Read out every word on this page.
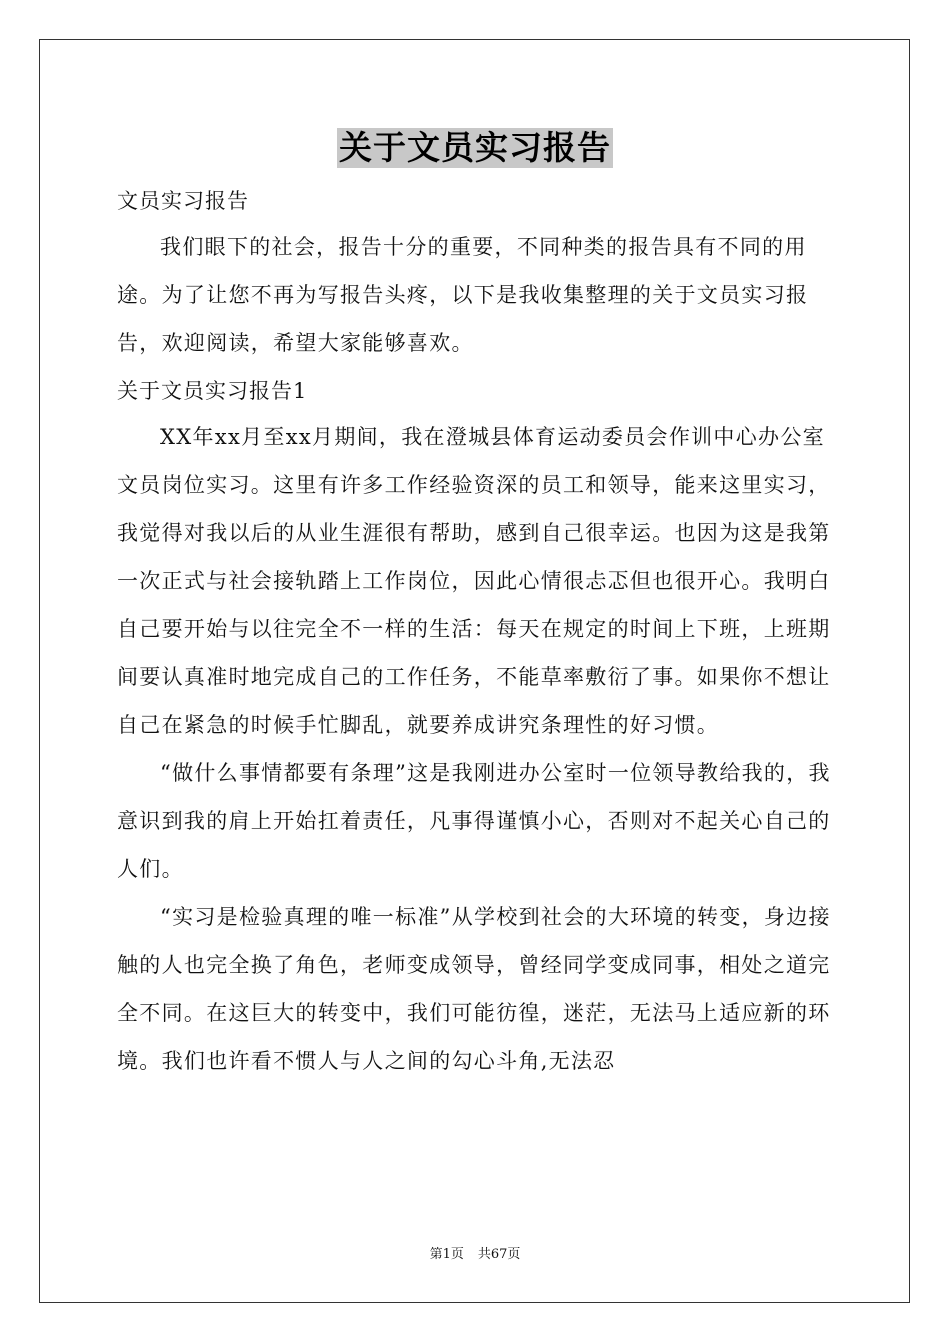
关于文员实习报告

文员实习报告

我们眼下的社会，报告十分的重要，不同种类的报告具有不同的用途。为了让您不再为写报告头疼，以下是我收集整理的关于文员实习报告，欢迎阅读，希望大家能够喜欢。

关于文员实习报告1

XX年xx月至xx月期间，我在澄城县体育运动委员会作训中心办公室文员岗位实习。这里有许多工作经验资深的员工和领导，能来这里实习，我觉得对我以后的从业生涯很有帮助，感到自己很幸运。也因为这是我第一次正式与社会接轨踏上工作岗位，因此心情很忐忑但也很开心。我明白自己要开始与以往完全不一样的生活：每天在规定的时间上下班，上班期间要认真准时地完成自己的工作任务，不能草率敷衍了事。如果你不想让自己在紧急的时候手忙脚乱，就要养成讲究条理性的好习惯。

“做什么事情都要有条理”这是我刚进办公室时一位领导教给我的，我意识到我的肩上开始扛着责任，凡事得谨慎小心，否则对不起关心自己的人们。

“实习是检验真理的唯一标准”从学校到社会的大环境的转变，身边接触的人也完全换了角色，老师变成领导，曾经同学变成同事，相处之道完全不同。在这巨大的转变中，我们可能彷徨，迷茫，无法马上适应新的环境。我们也许看不惯人与人之间的勾心斗角,无法忍

第1页 共67页
